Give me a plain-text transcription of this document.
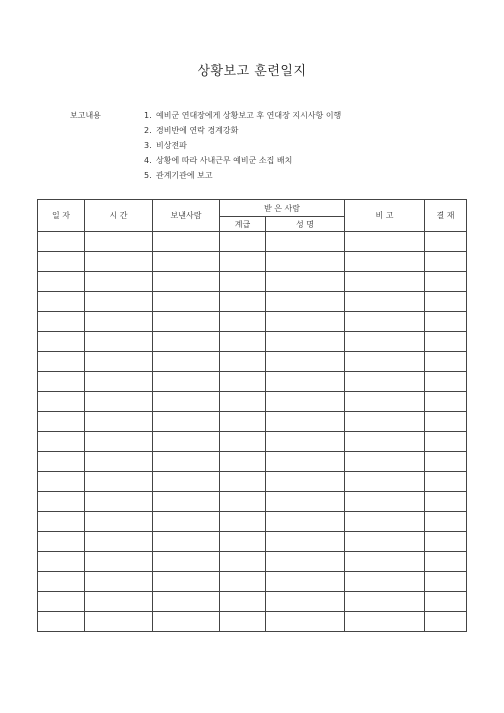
상황보고 훈련일지
보고내용	1. 예비군 연대장에게 상황보고 후 연대장 지시사항 이행
2. 경비반에 연락 경계강화
3. 비상전파
4. 상황에 따라 사내근무 예비군 소집 배치
5. 관계기관에 보고
일 자	시 간	보낸사람	받 은 사람		비 고	결 재
			계급	성 명		
